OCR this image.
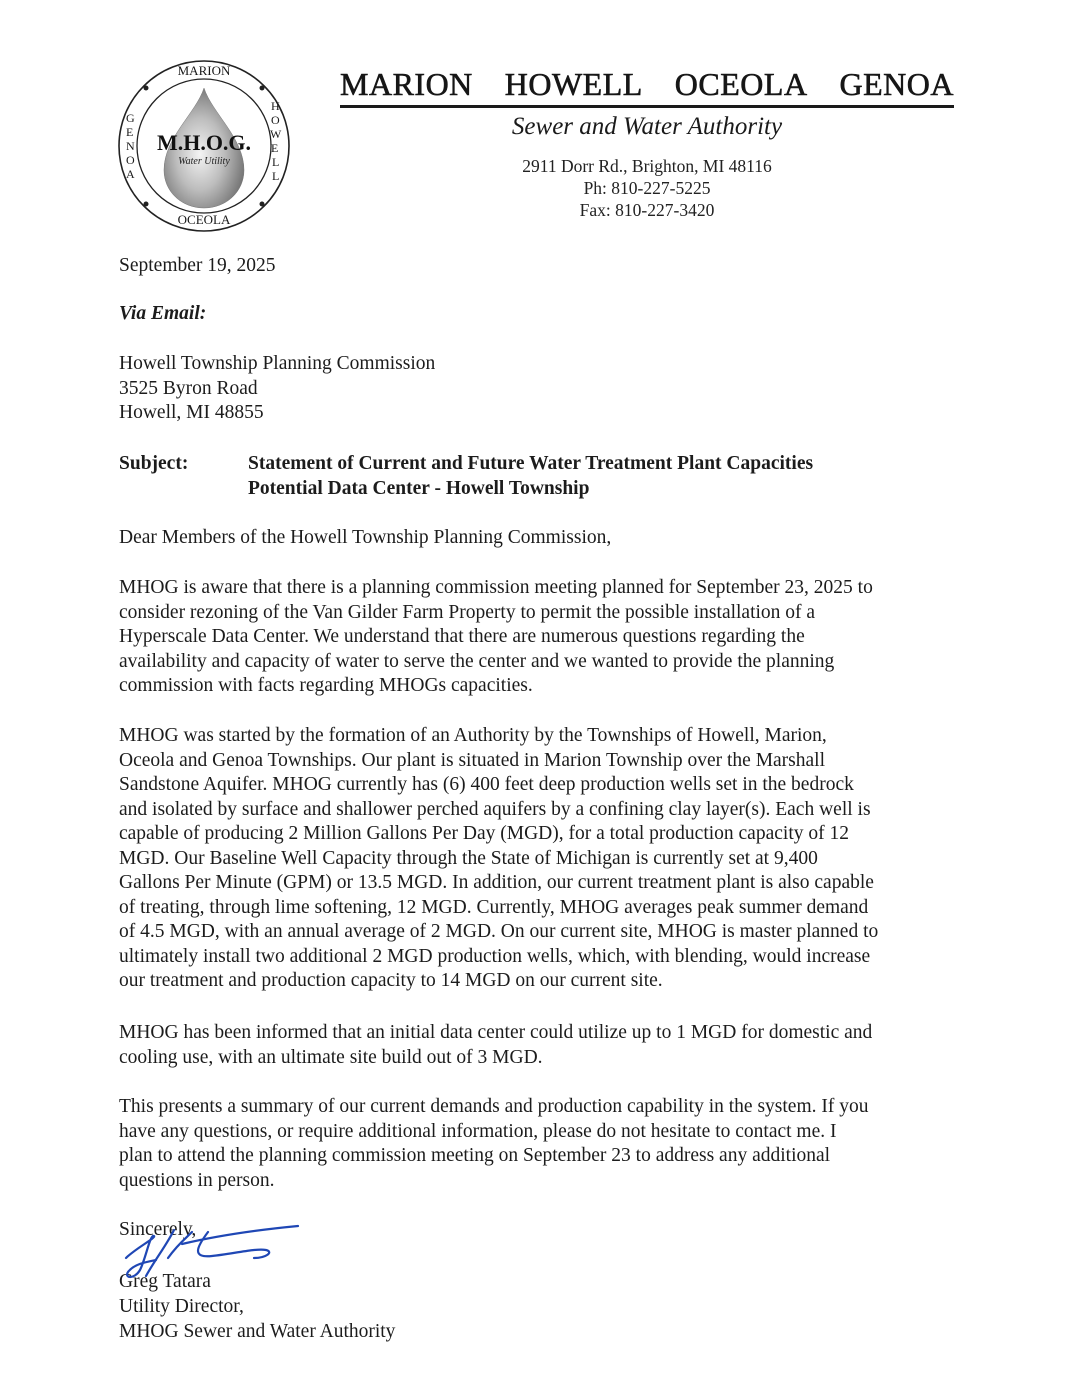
MARION
OCEOLA
G
E
N
O
A
H
O
W
E
L
L
M.H.O.G.
Water Utility
MARION HOWELL OCEOLA GENOA
Sewer and Water Authority
2911 Dorr Rd., Brighton, MI 48116
Ph: 810-227-5225
Fax: 810-227-3420
September 19, 2025
Via Email:
Howell Township Planning Commission
3525 Byron Road
Howell, MI 48855
Subject:	Statement of Current and Future Water Treatment Plant Capacities
Potential Data Center - Howell Township
Dear Members of the Howell Township Planning Commission,
MHOG is aware that there is a planning commission meeting planned for September 23, 2025 to
consider rezoning of the Van Gilder Farm Property to permit the possible installation of a
Hyperscale Data Center. We understand that there are numerous questions regarding the
availability and capacity of water to serve the center and we wanted to provide the planning
commission with facts regarding MHOGs capacities.
MHOG was started by the formation of an Authority by the Townships of Howell, Marion,
Oceola and Genoa Townships. Our plant is situated in Marion Township over the Marshall
Sandstone Aquifer. MHOG currently has (6) 400 feet deep production wells set in the bedrock
and isolated by surface and shallower perched aquifers by a confining clay layer(s). Each well is
capable of producing 2 Million Gallons Per Day (MGD), for a total production capacity of 12
MGD. Our Baseline Well Capacity through the State of Michigan is currently set at 9,400
Gallons Per Minute (GPM) or 13.5 MGD. In addition, our current treatment plant is also capable
of treating, through lime softening, 12 MGD. Currently, MHOG averages peak summer demand
of 4.5 MGD, with an annual average of 2 MGD. On our current site, MHOG is master planned to
ultimately install two additional 2 MGD production wells, which, with blending, would increase
our treatment and production capacity to 14 MGD on our current site.
MHOG has been informed that an initial data center could utilize up to 1 MGD for domestic and
cooling use, with an ultimate site build out of 3 MGD.
This presents a summary of our current demands and production capability in the system. If you
have any questions, or require additional information, please do not hesitate to contact me. I
plan to attend the planning commission meeting on September 23 to address any additional
questions in person.
Sincerely,
Greg Tatara
Utility Director,
MHOG Sewer and Water Authority
